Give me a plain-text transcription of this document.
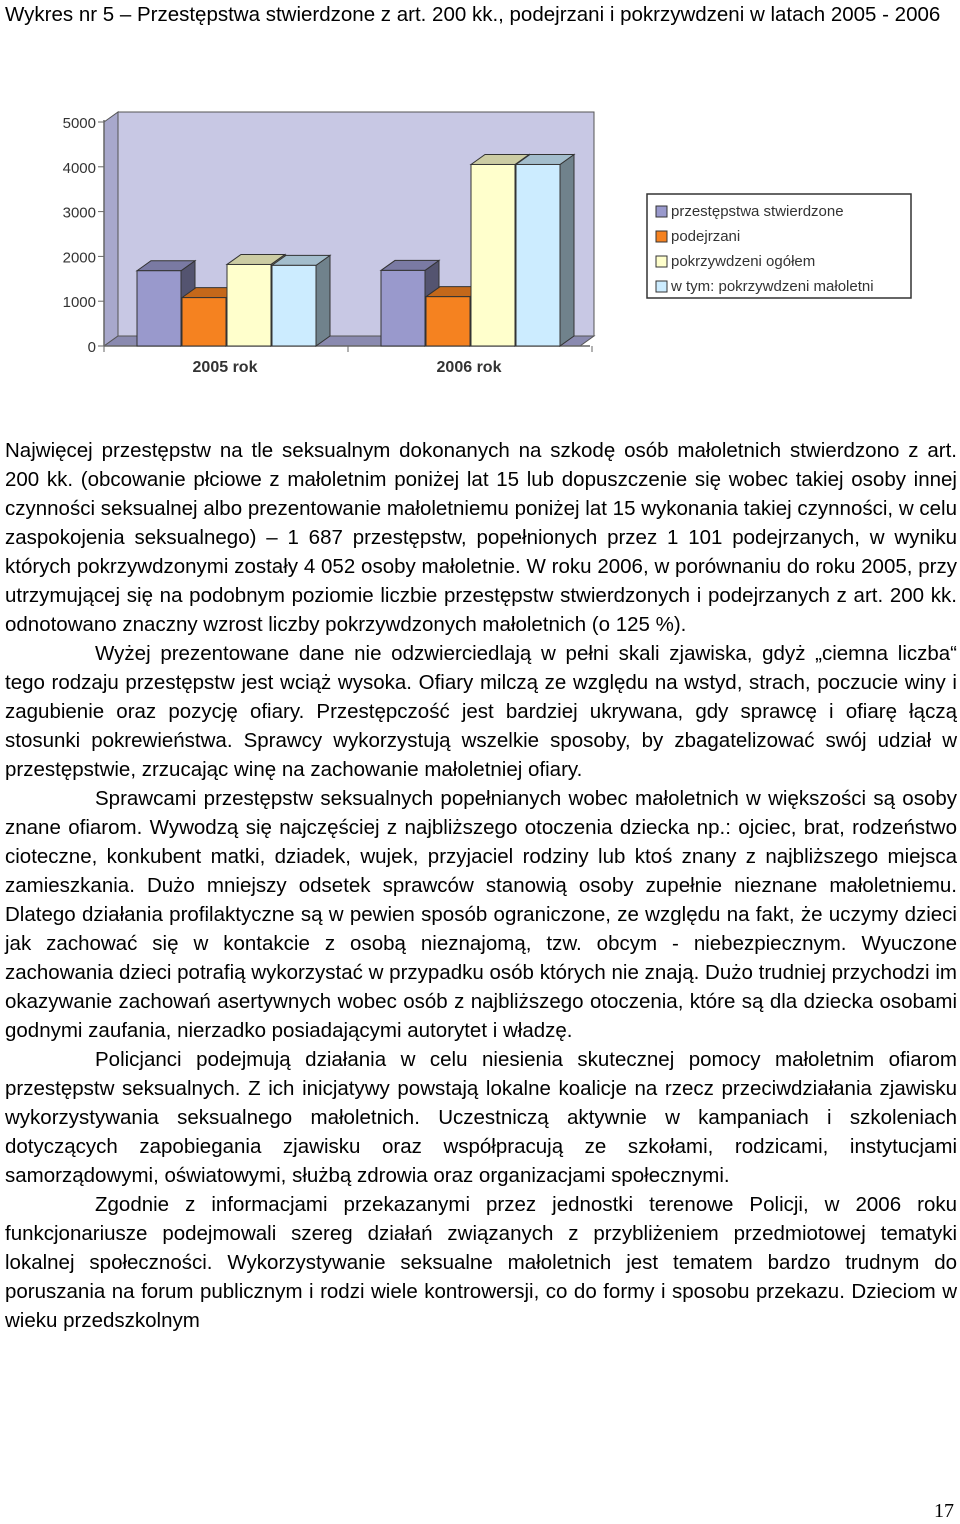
Wykres nr 5 – Przestępstwa stwierdzone z art. 200 kk., podejrzani i pokrzywdzeni w latach 2005 - 2006

0
1000
2000
3000
4000
5000
2005 rok	2006 rok
przestępstwa stwierdzone
podejrzani
pokrzywdzeni ogółem
w tym: pokrzywdzeni małoletni

Najwięcej przestępstw na tle seksualnym dokonanych na szkodę osób małoletnich stwierdzono z art. 200 kk. (obcowanie płciowe z małoletnim poniżej lat 15 lub dopuszczenie się wobec takiej osoby innej czynności seksualnej albo prezentowanie małoletniemu poniżej lat 15 wykonania takiej czynności, w celu zaspokojenia seksualnego) – 1 687 przestępstw, popełnionych przez 1 101 podejrzanych, w wyniku których pokrzywdzonymi zostały 4 052 osoby małoletnie. W roku 2006, w porównaniu do roku 2005, przy utrzymującej się na podobnym poziomie liczbie przestępstw stwierdzonych i podejrzanych z art. 200 kk. odnotowano znaczny wzrost liczby pokrzywdzonych małoletnich (o 125 %).

Wyżej prezentowane dane nie odzwierciedlają w pełni skali zjawiska, gdyż „ciemna liczba“ tego rodzaju przestępstw jest wciąż wysoka. Ofiary milczą ze względu na wstyd, strach, poczucie winy i zagubienie oraz pozycję ofiary. Przestępczość jest bardziej ukrywana, gdy sprawcę i ofiarę łączą stosunki pokrewieństwa. Sprawcy wykorzystują wszelkie sposoby, by zbagatelizować swój udział w przestępstwie, zrzucając winę na zachowanie małoletniej ofiary.

Sprawcami przestępstw seksualnych popełnianych wobec małoletnich w większości są osoby znane ofiarom. Wywodzą się najczęściej z najbliższego otoczenia dziecka np.: ojciec, brat, rodzeństwo cioteczne, konkubent matki, dziadek, wujek, przyjaciel rodziny lub ktoś znany z najbliższego miejsca zamieszkania. Dużo mniejszy odsetek sprawców stanowią osoby zupełnie nieznane małoletniemu. Dlatego działania profilaktyczne są w pewien sposób ograniczone, ze względu na fakt, że uczymy dzieci jak zachować się w kontakcie z osobą nieznajomą, tzw. obcym - niebezpiecznym. Wyuczone zachowania dzieci potrafią wykorzystać w przypadku osób których nie znają. Dużo trudniej przychodzi im okazywanie zachowań asertywnych wobec osób z najbliższego otoczenia, które są dla dziecka osobami godnymi zaufania, nierzadko posiadającymi autorytet i władzę.

Policjanci podejmują działania w celu niesienia skutecznej pomocy małoletnim ofiarom przestępstw seksualnych. Z ich inicjatywy powstają lokalne koalicje na rzecz przeciwdziałania zjawisku wykorzystywania seksualnego małoletnich. Uczestniczą aktywnie w kampaniach i szkoleniach dotyczących zapobiegania zjawisku oraz współpracują ze szkołami, rodzicami, instytucjami samorządowymi, oświatowymi, służbą zdrowia oraz organizacjami społecznymi.

Zgodnie z informacjami przekazanymi przez jednostki terenowe Policji, w 2006 roku funkcjonariusze podejmowali szereg działań związanych z przybliżeniem przedmiotowej tematyki lokalnej społeczności. Wykorzystywanie seksualne małoletnich jest tematem bardzo trudnym do poruszania na forum publicznym i rodzi wiele kontrowersji, co do formy i sposobu przekazu. Dzieciom w wieku przedszkolnym

17
